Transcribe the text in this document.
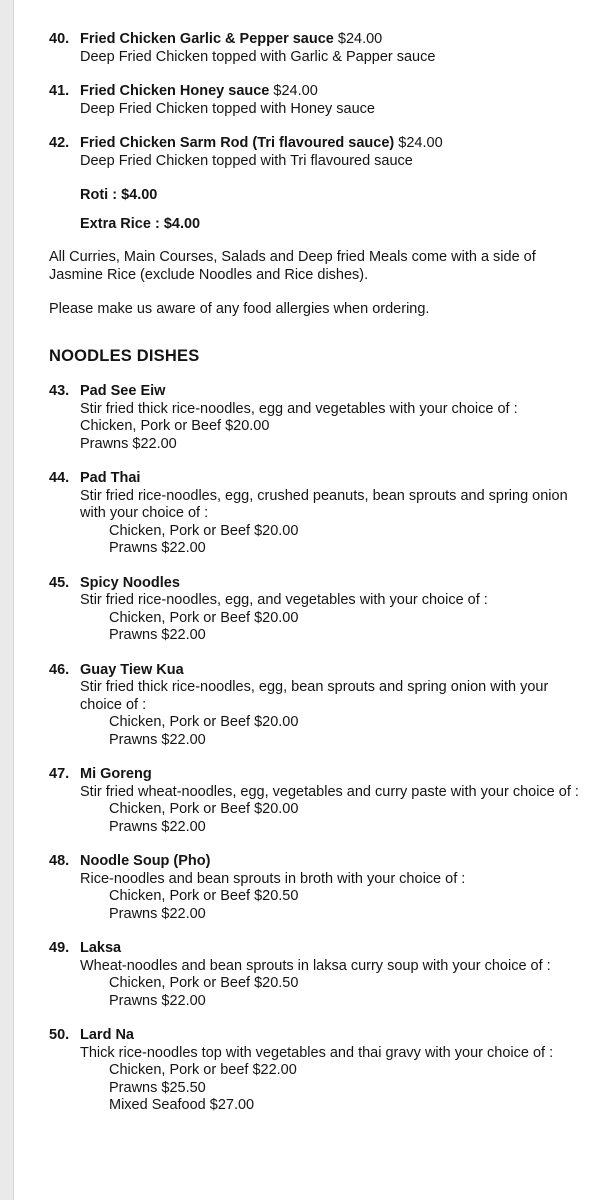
40. Fried Chicken Garlic & Pepper sauce $24.00
Deep Fried Chicken topped with Garlic & Papper sauce
41. Fried Chicken Honey sauce $24.00
Deep Fried Chicken topped with Honey sauce
42. Fried Chicken Sarm Rod (Tri flavoured sauce) $24.00
Deep Fried Chicken topped with Tri flavoured sauce
Roti : $4.00
Extra Rice : $4.00
All Curries, Main Courses, Salads and Deep fried Meals come with a side of Jasmine Rice (exclude Noodles and Rice dishes).
Please make us aware of any food allergies when ordering.
NOODLES DISHES
43. Pad See Eiw
Stir fried thick rice-noodles, egg and vegetables with your choice of :
Chicken, Pork or Beef $20.00
Prawns $22.00
44. Pad Thai
Stir fried rice-noodles, egg, crushed peanuts, bean sprouts and spring onion with your choice of :
Chicken, Pork or Beef $20.00
Prawns $22.00
45. Spicy Noodles
Stir fried rice-noodles, egg, and vegetables with your choice of :
Chicken, Pork or Beef $20.00
Prawns $22.00
46. Guay Tiew Kua
Stir fried thick rice-noodles, egg, bean sprouts and spring onion with your choice of :
Chicken, Pork or Beef $20.00
Prawns $22.00
47. Mi Goreng
Stir fried wheat-noodles, egg, vegetables and curry paste with your choice of :
Chicken, Pork or Beef $20.00
Prawns $22.00
48. Noodle Soup (Pho)
Rice-noodles and bean sprouts in broth with your choice of :
Chicken, Pork or Beef $20.50
Prawns $22.00
49. Laksa
Wheat-noodles and bean sprouts in laksa curry soup with your choice of :
Chicken, Pork or Beef $20.50
Prawns $22.00
50. Lard Na
Thick rice-noodles top with vegetables and thai gravy with your choice of :
Chicken, Pork or beef $22.00
Prawns $25.50
Mixed Seafood $27.00
